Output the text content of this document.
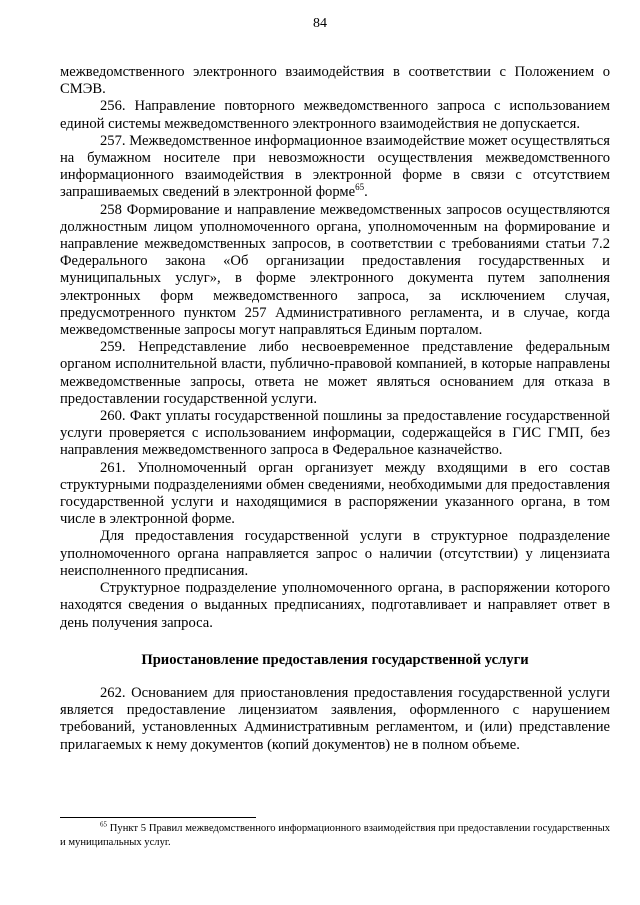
84

межведомственного электронного взаимодействия в соответствии с Положением о СМЭВ.

256. Направление повторного межведомственного запроса с использованием единой системы межведомственного электронного взаимодействия не допускается.

257. Межведомственное информационное взаимодействие может осуществляться на бумажном носителе при невозможности осуществления межведомственного информационного взаимодействия в электронной форме в связи с отсутствием запрашиваемых сведений в электронной форме$^{65}$.

258 Формирование и направление межведомственных запросов осуществляются должностным лицом уполномоченного органа, уполномоченным на формирование и направление межведомственных запросов, в соответствии с требованиями статьи 7.2 Федерального закона «Об организации предоставления государственных и муниципальных услуг», в форме электронного документа путем заполнения электронных форм межведомственного запроса, за исключением случая, предусмотренного пунктом 257 Административного регламента, и в случае, когда межведомственные запросы могут направляться Единым порталом.

259. Непредставление либо несвоевременное представление федеральным органом исполнительной власти, публично-правовой компанией, в которые направлены межведомственные запросы, ответа не может являться основанием для отказа в предоставлении государственной услуги.

260. Факт уплаты государственной пошлины за предоставление государственной услуги проверяется с использованием информации, содержащейся в ГИС ГМП, без направления межведомственного запроса в Федеральное казначейство.

261. Уполномоченный орган организует между входящими в его состав структурными подразделениями обмен сведениями, необходимыми для предоставления государственной услуги и находящимися в распоряжении указанного органа, в том числе в электронной форме.

Для предоставления государственной услуги в структурное подразделение уполномоченного органа направляется запрос о наличии (отсутствии) у лицензиата неисполненного предписания.

Структурное подразделение уполномоченного органа, в распоряжении которого находятся сведения о выданных предписаниях, подготавливает и направляет ответ в день получения запроса.

Приостановление предоставления государственной услуги

262. Основанием для приостановления предоставления государственной услуги является предоставление лицензиатом заявления, оформленного с нарушением требований, установленных Административным регламентом, и (или) представление прилагаемых к нему документов (копий документов) не в полном объеме.

$^{65}$ Пункт 5 Правил межведомственного информационного взаимодействия при предоставлении государственных и муниципальных услуг.
